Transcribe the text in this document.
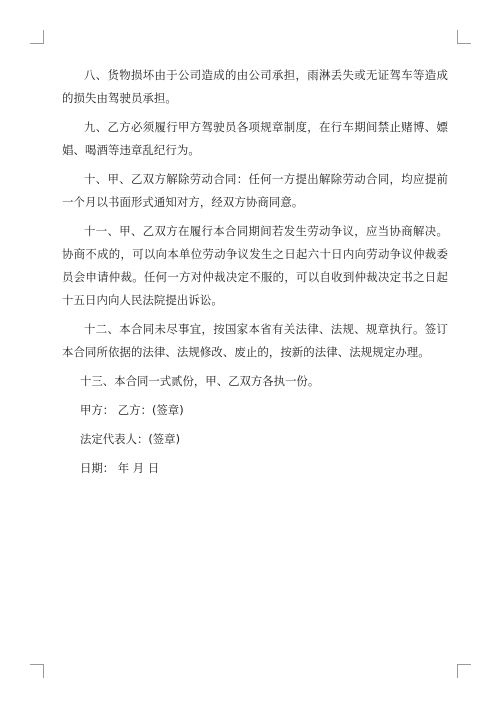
八、货物损坏由于公司造成的由公司承担，雨淋丢失或无证驾车等造成的损失由驾驶员承担。

九、乙方必须履行甲方驾驶员各项规章制度，在行车期间禁止赌博、嫖娼、喝酒等违章乱纪行为。

十、甲、乙双方解除劳动合同：任何一方提出解除劳动合同，均应提前一个月以书面形式通知对方，经双方协商同意。

十一、甲、乙双方在履行本合同期间若发生劳动争议，应当协商解决。协商不成的，可以向本单位劳动争议发生之日起六十日内向劳动争议仲裁委员会申请仲裁。任何一方对仲裁决定不服的，可以自收到仲裁决定书之日起十五日内向人民法院提出诉讼。

十二、本合同未尽事宜，按国家本省有关法律、法规、规章执行。签订本合同所依据的法律、法规修改、废止的，按新的法律、法规规定办理。

十三、本合同一式贰份，甲、乙双方各执一份。

甲方： 乙方：(签章)

法定代表人：(签章)

日期： 年 月 日
